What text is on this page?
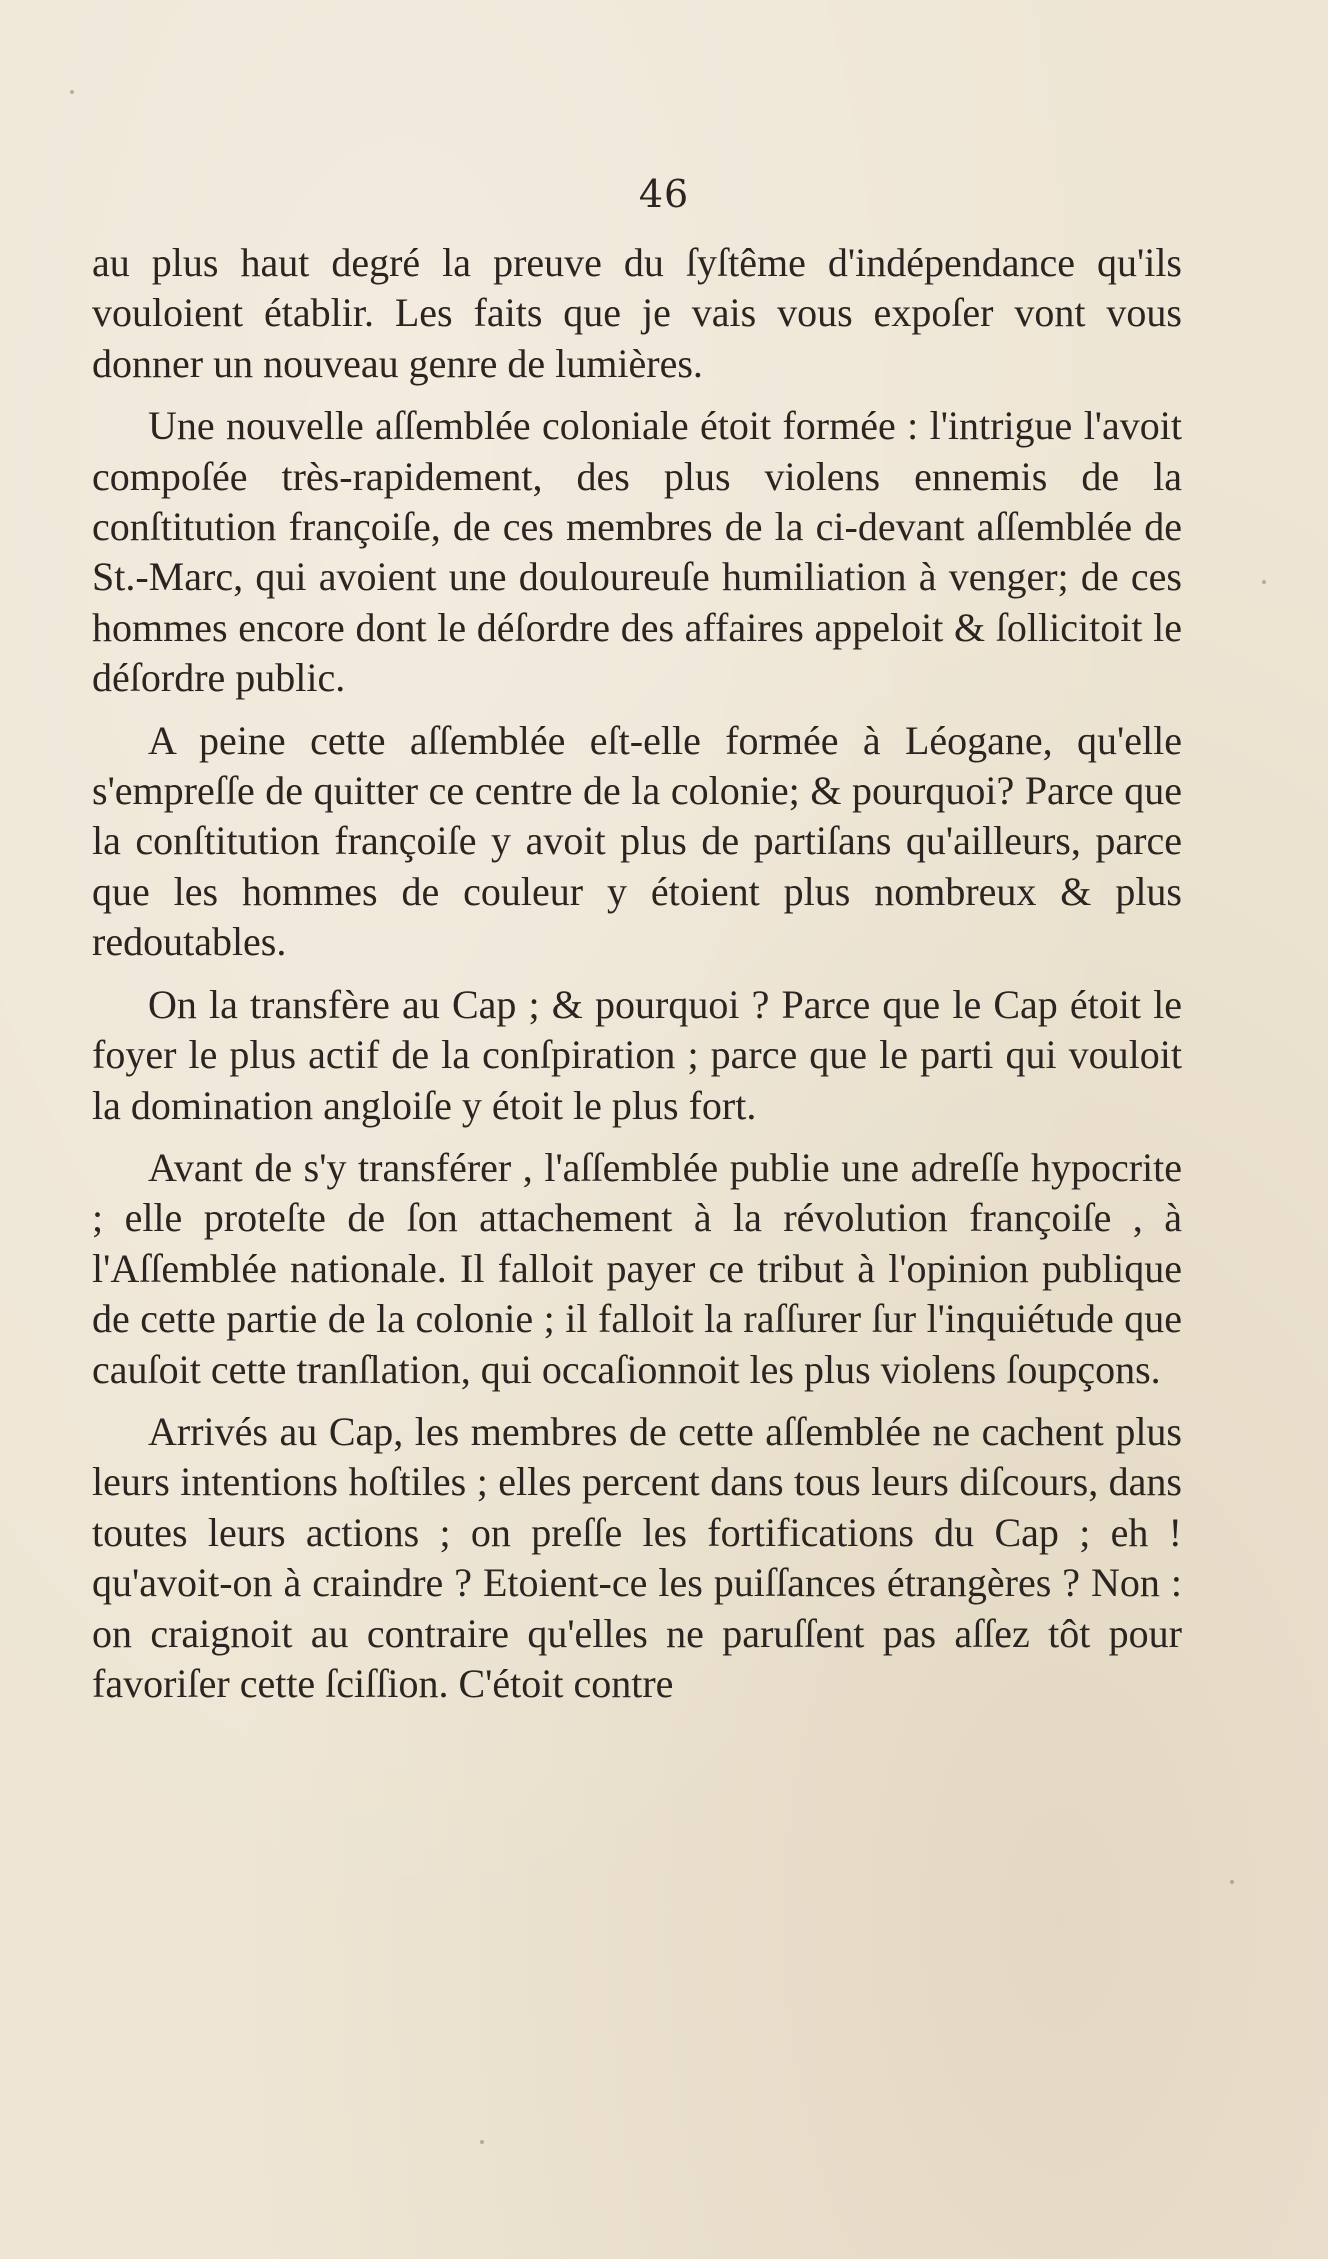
46

au plus haut degré la preuve du ſyſtême d'indépendance qu'ils vouloient établir. Les faits que je vais vous expoſer vont vous donner un nouveau genre de lumières.

Une nouvelle aſſemblée coloniale étoit formée : l'intrigue l'avoit compoſée très-rapidement, des plus violens ennemis de la conſtitution françoiſe, de ces membres de la ci-devant aſſemblée de St.-Marc, qui avoient une douloureuſe humiliation à venger; de ces hommes encore dont le déſordre des affaires appeloit & ſollicitoit le déſordre public.

A peine cette aſſemblée eſt-elle formée à Léogane, qu'elle s'empreſſe de quitter ce centre de la colonie; & pourquoi? Parce que la conſtitution françoiſe y avoit plus de partiſans qu'ailleurs, parce que les hommes de couleur y étoient plus nombreux & plus redoutables.

On la transfère au Cap ; & pourquoi ? Parce que le Cap étoit le foyer le plus actif de la conſpiration ; parce que le parti qui vouloit la domination angloiſe y étoit le plus fort.

Avant de s'y transférer , l'aſſemblée publie une adreſſe hypocrite ; elle proteſte de ſon attachement à la révolution françoiſe , à l'Aſſemblée nationale. Il falloit payer ce tribut à l'opinion publique de cette partie de la colonie ; il falloit la raſſurer ſur l'inquiétude que cauſoit cette tranſlation, qui occaſionnoit les plus violens ſoupçons.

Arrivés au Cap, les membres de cette aſſemblée ne cachent plus leurs intentions hoſtiles ; elles percent dans tous leurs diſcours, dans toutes leurs actions ; on preſſe les fortifications du Cap ; eh ! qu'avoit-on à craindre ? Etoient-ce les puiſſances étrangères ? Non : on craignoit au contraire qu'elles ne paruſſent pas aſſez tôt pour favoriſer cette ſciſſion. C'étoit contre
